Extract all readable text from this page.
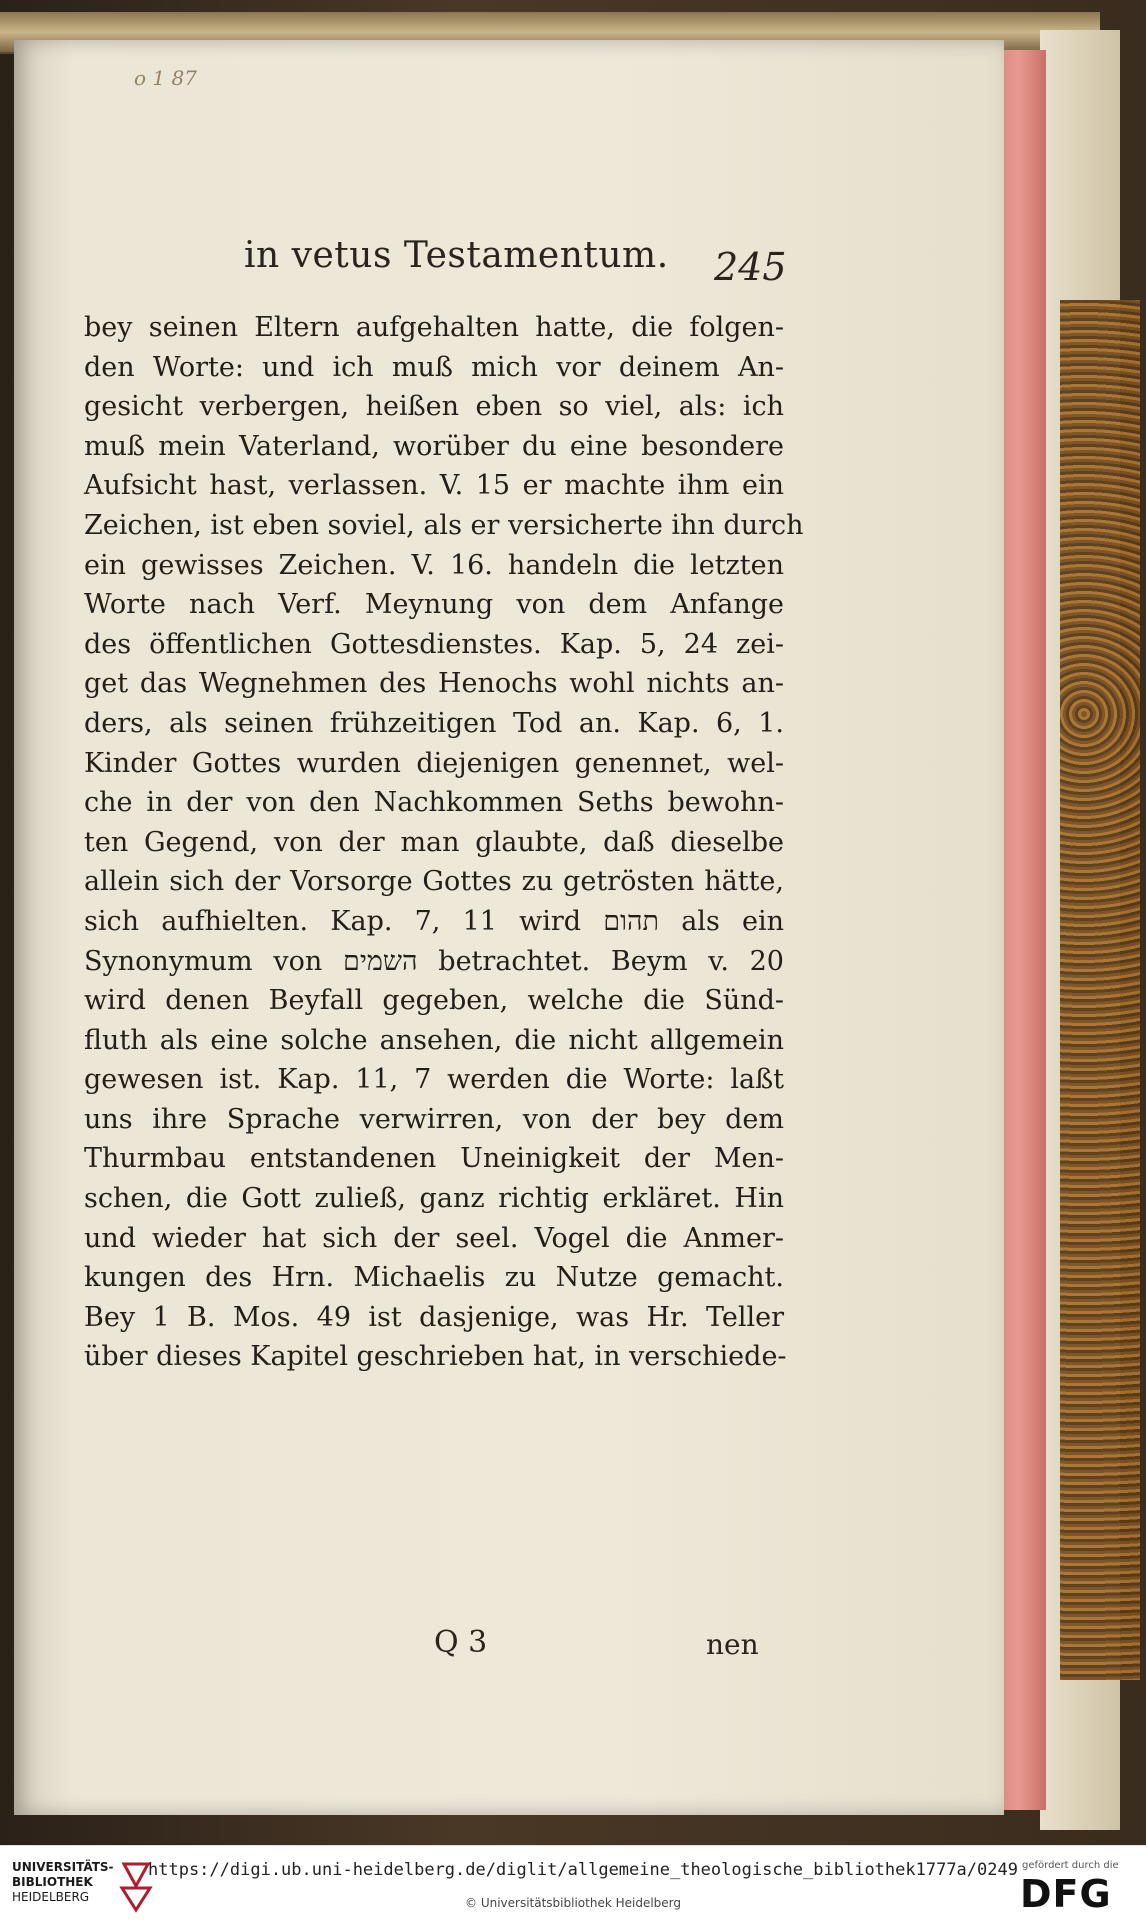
o 1 87
in vetus Testamentum. 245
bey seinen Eltern aufgehalten hatte, die folgen-
den Worte: und ich muß mich vor deinem An-
gesicht verbergen, heißen eben so viel, als: ich
muß mein Vaterland, worüber du eine besondere
Aufsicht hast, verlassen. V. 15 er machte ihm ein
Zeichen, ist eben soviel, als er versicherte ihn durch
ein gewisses Zeichen. V. 16. handeln die letzten
Worte nach Verf. Meynung von dem Anfange
des öffentlichen Gottesdienstes. Kap. 5, 24 zei-
get das Wegnehmen des Henochs wohl nichts an-
ders, als seinen frühzeitigen Tod an. Kap. 6, 1.
Kinder Gottes wurden diejenigen genennet, wel-
che in der von den Nachkommen Seths bewohn-
ten Gegend, von der man glaubte, daß dieselbe
allein sich der Vorsorge Gottes zu getrösten hätte,
sich aufhielten. Kap. 7, 11 wird תהום als ein
Synonymum von השמים betrachtet. Beym v. 20
wird denen Beyfall gegeben, welche die Sünd-
fluth als eine solche ansehen, die nicht allgemein
gewesen ist. Kap. 11, 7 werden die Worte: laßt
uns ihre Sprache verwirren, von der bey dem
Thurmbau entstandenen Uneinigkeit der Men-
schen, die Gott zuließ, ganz richtig erkläret. Hin
und wieder hat sich der seel. Vogel die Anmer-
kungen des Hrn. Michaelis zu Nutze gemacht.
Bey 1 B. Mos. 49 ist dasjenige, was Hr. Teller
über dieses Kapitel geschrieben hat, in verschiede-
Q 3	nen
UNIVERSITÄTS-
BIBLIOTHEK
HEIDELBERG
https://digi.ub.uni-heidelberg.de/diglit/allgemeine_theologische_bibliothek1777a/0249
© Universitätsbibliothek Heidelberg
gefördert durch die
DFG
